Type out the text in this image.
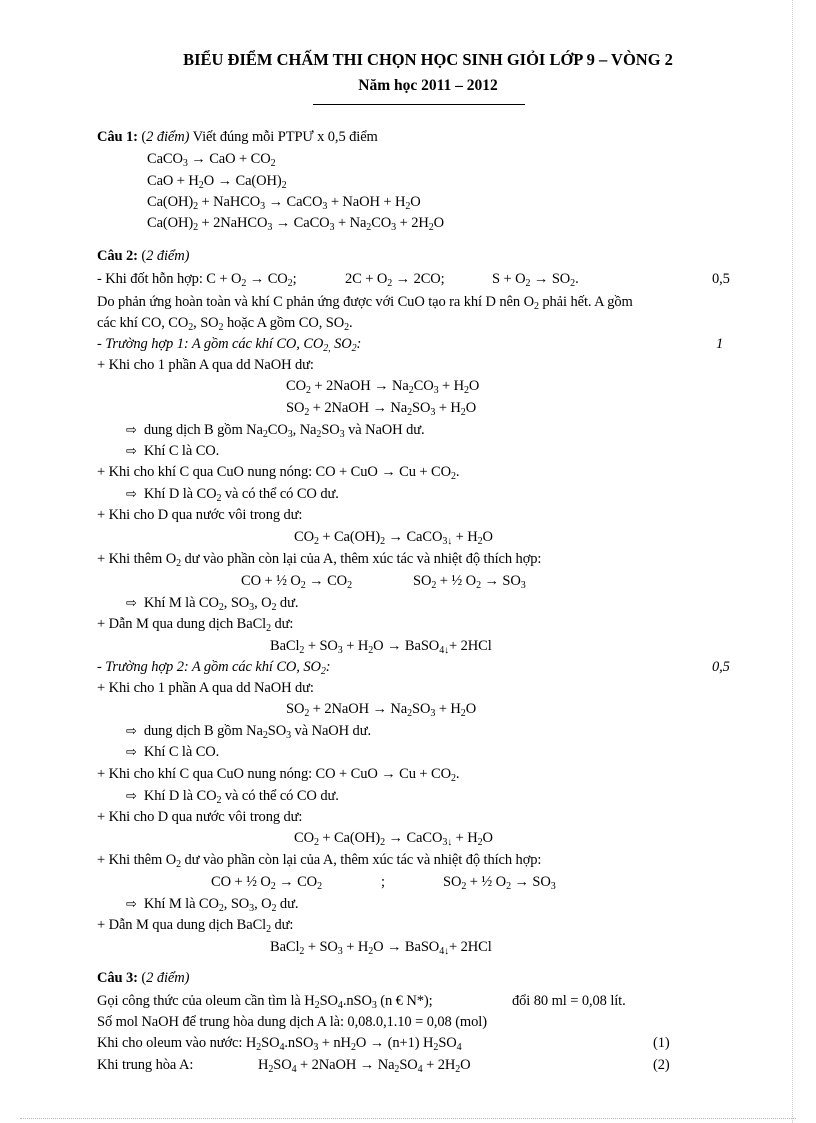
BIỂU ĐIỂM CHẤM THI CHỌN HỌC SINH GIỎI LỚP 9 – VÒNG 2
Năm học 2011 – 2012
Câu 1: (2 điểm) Viết đúng mỗi PTPƯ x 0,5 điểm
CaCO$_3$ → CaO + $CO_2$
CaO + $H_2O \to Ca(OH)_2$
$Ca(OH)_2$ + NaHCO$_3$ → CaCO$_3$ + NaOH + $H_2O$
$Ca(OH)_2$ + 2NaHCO$_3$ → CaCO$_3$ + $Na_2CO_3 + 2H_2O$
Câu 2: (2 điểm)
- Khi đốt hỗn hợp: $C + O_2 \to CO_2$;	$2C + O_2 \to 2CO$;	$S + O_2 \to SO_2$.	0,5
Do phản ứng hoàn toàn và khí C phản ứng được với CuO tạo ra khí D nên $O_2$ phải hết. A gồm
các khí CO, $CO_2$, $SO_2$ hoặc A gồm CO, $SO_2$.
- Trường hợp 1: A gồm các khí CO, $CO_{2,}$ $SO_2$:	1
+ Khi cho 1 phần A qua dd NaOH dư:
$CO_2$ + 2NaOH → $Na_2CO_3 + H_2O$
$SO_2$ + 2NaOH → $Na_2SO_3 + H_2O$
⇨  dung dịch B gồm $Na_2CO_3$, $Na_2SO_3$ và NaOH dư.
⇨  Khí C là CO.
+ Khi cho khí C qua CuO nung nóng: CO + CuO → $Cu + CO_2$.
⇨  Khí D là $CO_2$ và có thể có CO dư.
+ Khi cho D qua nước vôi trong dư:
$CO_2 + Ca(OH)_2$ → CaCO$_{3↓}$ + $H_2O$
+ Khi thêm $O_2$ dư vào phần còn lại của A, thêm xúc tác và nhiệt độ thích hợp:
CO + ½ $O_2 \to CO_2$	$SO_2$ + ½ $O_2 \to SO_3$
⇨  Khí M là $CO_2$, $SO_3$, $O_2$ dư.
+ Dẫn M qua dung dịch BaCl$_2$ dư:
BaCl$_2$ + $SO_3 + H_2O$ → BaSO$_{4↓}$+ 2HCl
- Trường hợp 2: A gồm các khí CO, $SO_2$:	0,5
+ Khi cho 1 phần A qua dd NaOH dư:
$SO_2$ + 2NaOH → $Na_2SO_3 + H_2O$
⇨  dung dịch B gồm $Na_2SO_3$ và NaOH dư.
⇨  Khí C là CO.
+ Khi cho khí C qua CuO nung nóng: CO + CuO → $Cu + CO_2$.
⇨  Khí D là $CO_2$ và có thể có CO dư.
+ Khi cho D qua nước vôi trong dư:
$CO_2 + Ca(OH)_2$ → CaCO$_{3↓}$ + $H_2O$
+ Khi thêm $O_2$ dư vào phần còn lại của A, thêm xúc tác và nhiệt độ thích hợp:
CO + ½ $O_2 \to CO_2$	;	$SO_2$ + ½ $O_2 \to SO_3$
⇨  Khí M là $CO_2$, $SO_3$, $O_2$ dư.
+ Dẫn M qua dung dịch BaCl$_2$ dư:
BaCl$_2$ + $SO_3 + H_2O$ → BaSO$_{4↓}$+ 2HCl
Câu 3: (2 điểm)
Gọi công thức của oleum cần tìm là $H_2SO_4.nSO_3$ (n € N*);	đổi 80 ml = 0,08 lít.
Số mol NaOH để trung hòa dung dịch A là: 0,08.0,1.10 = 0,08 (mol)
Khi cho oleum vào nước: $H_2SO_4.nSO_3 + nH_2O \to (n+1)$ $H_2SO_4$	(1)
Khi trung hòa A:	$H_2SO_4$ + 2NaOH → $Na_2SO_4 + 2H_2O$	(2)
